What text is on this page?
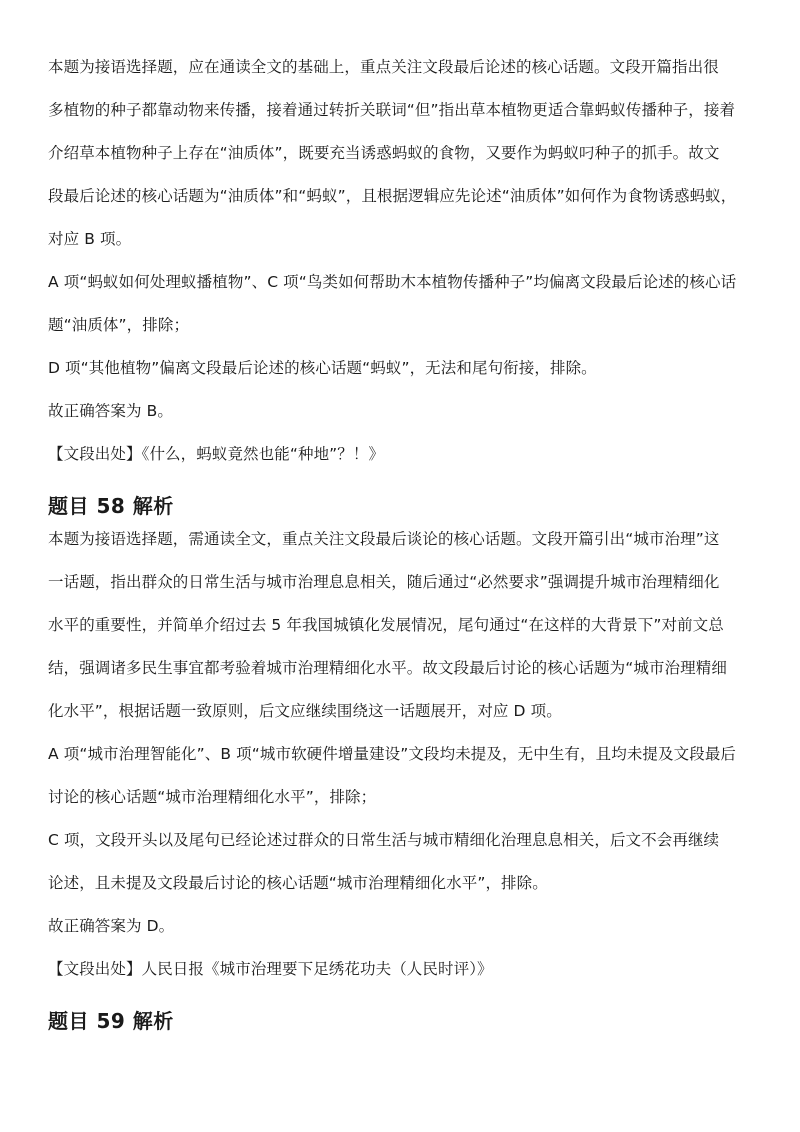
本题为接语选择题，应在通读全文的基础上，重点关注文段最后论述的核心话题。文段开篇指出很
多植物的种子都靠动物来传播，接着通过转折关联词“但”指出草本植物更适合靠蚂蚁传播种子，接着
介绍草本植物种子上存在“油质体”，既要充当诱惑蚂蚁的食物，又要作为蚂蚁叼种子的抓手。故文
段最后论述的核心话题为“油质体”和“蚂蚁”，且根据逻辑应先论述“油质体”如何作为食物诱惑蚂蚁，
对应 B 项。
A 项“蚂蚁如何处理蚁播植物”、C 项“鸟类如何帮助木本植物传播种子”均偏离文段最后论述的核心话
题“油质体”，排除；
D 项“其他植物”偏离文段最后论述的核心话题“蚂蚁”，无法和尾句衔接，排除。
故正确答案为 B。
【文段出处】《什么，蚂蚁竟然也能“种地”？！》
题目 58 解析
本题为接语选择题，需通读全文，重点关注文段最后谈论的核心话题。文段开篇引出“城市治理”这
一话题，指出群众的日常生活与城市治理息息相关，随后通过“必然要求”强调提升城市治理精细化
水平的重要性，并简单介绍过去 5 年我国城镇化发展情况，尾句通过“在这样的大背景下”对前文总
结，强调诸多民生事宜都考验着城市治理精细化水平。故文段最后讨论的核心话题为“城市治理精细
化水平”，根据话题一致原则，后文应继续围绕这一话题展开，对应 D 项。
A 项“城市治理智能化”、B 项“城市软硬件增量建设”文段均未提及，无中生有，且均未提及文段最后
讨论的核心话题“城市治理精细化水平”，排除；
C 项，文段开头以及尾句已经论述过群众的日常生活与城市精细化治理息息相关，后文不会再继续
论述，且未提及文段最后讨论的核心话题“城市治理精细化水平”，排除。
故正确答案为 D。
【文段出处】人民日报《城市治理要下足绣花功夫（人民时评）》
题目 59 解析
